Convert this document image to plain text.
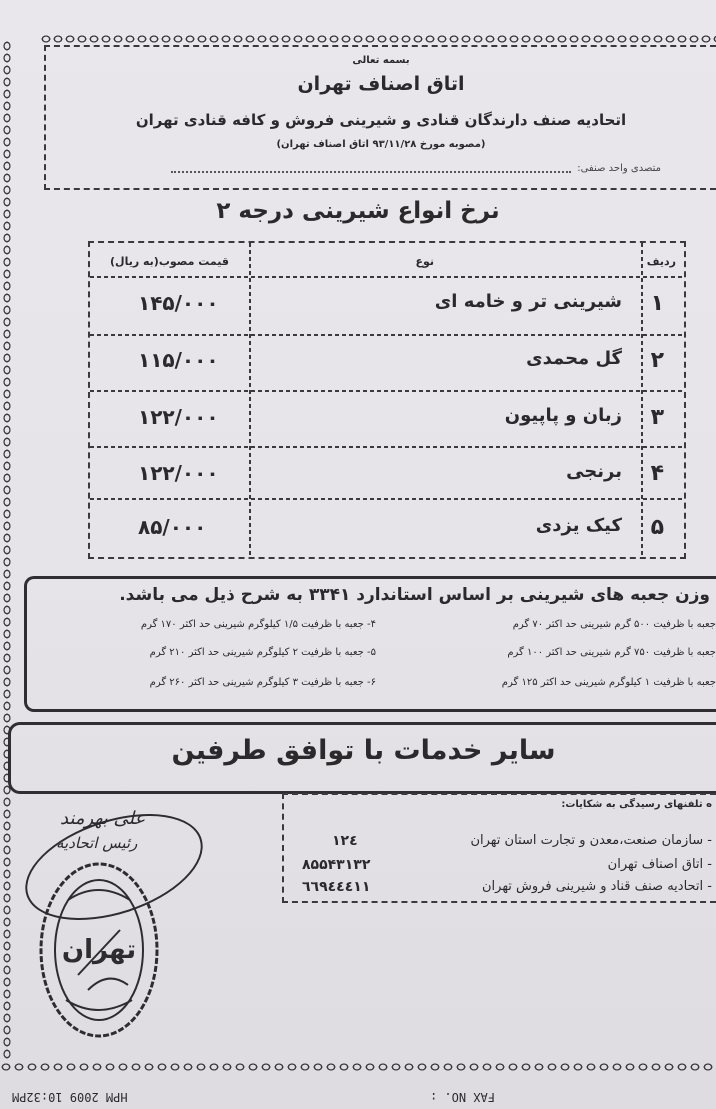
بسمه تعالی
اتاق اصناف تهران
اتحادیه صنف دارندگان قنادی و شیرینی فروش و کافه قنادی تهران
(مصوبه مورخ ۹۳/۱۱/۲۸ اتاق اصناف تهران)
متصدی واحد صنفی:
نرخ انواع شیرینی درجه ۲
ردیف
نوع
قیمت مصوب(به ریال)
۱
شیرینی تر و خامه ای
۱۴۵/۰۰۰
۲
گل محمدی
۱۱۵/۰۰۰
۳
زبان و پاپیون
۱۲۲/۰۰۰
۴
برنجی
۱۲۲/۰۰۰
۵
کیک یزدی
۸۵/۰۰۰
وزن جعبه های شیرینی بر اساس استاندارد ۳۳۴۱ به شرح ذیل می باشد.
جعبه با ظرفیت ۵۰۰ گرم شیرینی حد اکثر ۷۰ گرم
۴- جعبه با ظرفیت ۱/۵ کیلوگرم شیرینی حد اکثر ۱۷۰ گرم
جعبه با ظرفیت ۷۵۰ گرم شیرینی حد اکثر ۱۰۰ گرم
۵- جعبه با ظرفیت ۲ کیلوگرم شیرینی حد اکثر ۲۱۰ گرم
جعبه با ظرفیت ۱ کیلوگرم شیرینی حد اکثر ۱۲۵ گرم
۶- جعبه با ظرفیت ۳ کیلوگرم شیرینی حد اکثر ۲۶۰ گرم
سایر خدمات با توافق طرفین
ه تلفنهای رسیدگی به شکایات:
- سازمان صنعت،معدن و تجارت استان تهران
۱۲٤
- اتاق اصناف تهران
۸۵۵۴۳۱۳۲
- اتحادیه صنف قناد و شیرینی فروش تهران
٦٦٩٤٤٤١١
علی بهرمند
رئیس اتحادیه
تهران
HPM 2009 10:32PM	FAX NO. :
